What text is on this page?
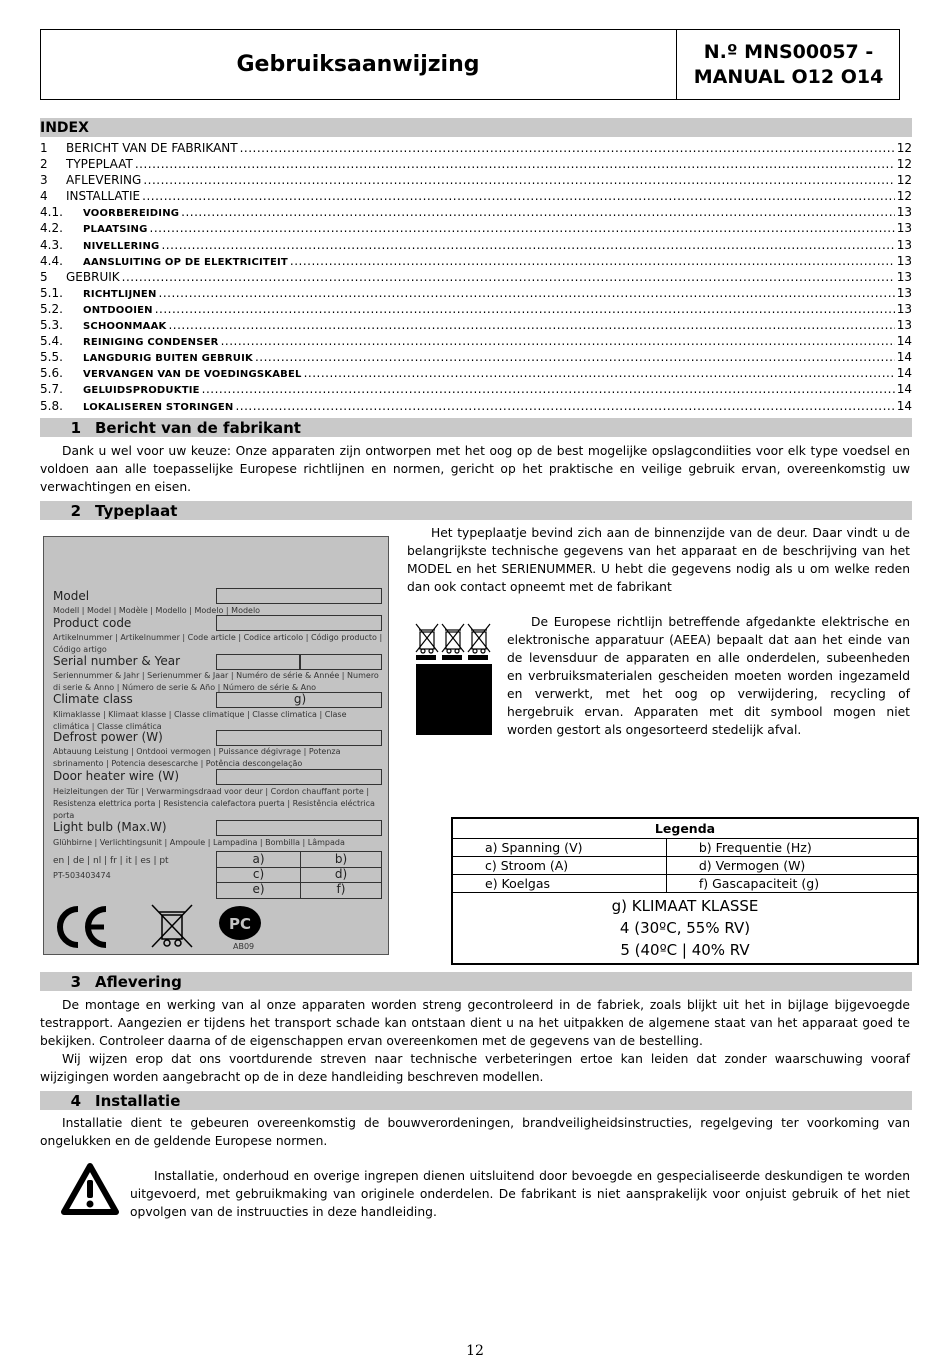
Gebruiksaanwijzing
N.º MNS00057 -
MANUAL O12 O14
INDEX
1	BERICHT VAN DE FABRIKANT .....	12
2	TYPEPLAAT .....	12
3	AFLEVERING .....	12
4	INSTALLATIE .....	12
4.1.	VOORBEREIDING .....	13
4.2.	PLAATSING .....	13
4.3.	NIVELLERING .....	13
4.4.	AANSLUITING OP DE ELEKTRICITEIT .....	13
5	GEBRUIK .....	13
5.1.	RICHTLIJNEN .....	13
5.2.	ONTDOOIEN .....	13
5.3.	SCHOONMAAK .....	13
5.4.	REINIGING CONDENSER .....	14
5.5.	LANGDURIG BUITEN GEBRUIK .....	14
5.6.	VERVANGEN VAN DE VOEDINGSKABEL .....	14
5.7.	GELUIDSPRODUKTIE .....	14
5.8.	LOKALISEREN STORINGEN .....	14
1 Bericht van de fabrikant
Dank u wel voor uw keuze: Onze apparaten zijn ontworpen met het oog op de best mogelijke opslagcondiities voor elk type voedsel en voldoen aan alle toepasselijke Europese richtlijnen en normen, gericht op het praktische en veilige gebruik ervan, overeenkomstig uw verwachtingen en eisen.
2 Typeplaat
Het typeplaatje bevind zich aan de binnenzijde van de deur. Daar vindt u de belangrijkste technische gegevens van het apparaat en de beschrijving van het MODEL en het SERIENUMMER. U hebt die gegevens nodig als u om welke reden dan ook contact opneemt met de fabrikant
De Europese richtlijn betreffende afgedankte elektrische en elektronische apparatuur (AEEA) bepaalt dat aan het einde van de levensduur de apparaten en alle onderdelen, subeenheden en verbruiksmaterialen gescheiden moeten worden ingezameld en verwerkt, met het oog op verwijdering, recycling of hergebruik ervan. Apparaten met dit symbool mogen niet worden gestort als ongesorteerd stedelijk afval.
Model
Modell | Model | Modèle | Modello | Modelo | Modelo
Product code
Artikelnummer | Artikelnummer | Code article | Codice articolo | Código producto | Código artigo
Serial number & Year
Seriennummer & Jahr | Serienummer & Jaar | Numéro de série & Année | Numero di serie & Anno | Número de serie & Año | Número de série & Ano
Climate class	g)
Klimaklasse | Klimaat klasse | Classe climatique | Classe climatica | Clase climática | Classe climática
Defrost power (W)
Abtauung Leistung | Ontdooi vermogen | Puissance dégivrage | Potenza sbrinamento | Potencia desescarche | Potência descongelação
Door heater wire (W)
Heizleitungen der Tür | Verwarmingsdraad voor deur | Cordon chauffant porte | Resistenza elettrica porta | Resistencia calefactora puerta | Resistência eléctrica porta
Light bulb (Max.W)
Glühbirne | Verlichtingsunit | Ampoule | Lampadina | Bombilla | Lâmpada
en | de | nl | fr | it | es | pt
PT-503403474
a)	b)
c)	d)
e)	f)
PC
AB09
Legenda	
a) Spanning (V)	b) Frequentie (Hz)
c) Stroom (A)	d) Vermogen (W)
e) Koelgas	f) Gascapaciteit (g)

g) KLIMAAT KLASSE
4 (30ºC, 55% RV)
5 (40ºC | 40% RV	
3 Aflevering
De montage en werking van al onze apparaten worden streng gecontroleerd in de fabriek, zoals blijkt uit het in bijlage bijgevoegde testrapport. Aangezien er tijdens het transport schade kan ontstaan dient u na het uitpakken de algemene staat van het apparaat goed te bekijken. Controleer daarna of de eigenschappen ervan overeenkomen met de gegevens van de bestelling.
Wij wijzen erop dat ons voortdurende streven naar technische verbeteringen ertoe kan leiden dat zonder waarschuwing vooraf wijzigingen worden aangebracht op de in deze handleiding beschreven modellen.
4 Installatie
Installatie dient te gebeuren overeenkomstig de bouwverordeningen, brandveiligheidsinstructies, regelgeving ter voorkoming van ongelukken en de geldende Europese normen.
Installatie, onderhoud en overige ingrepen dienen uitsluitend door bevoegde en gespecialiseerde deskundigen te worden uitgevoerd, met gebruikmaking van originele onderdelen. De fabrikant is niet aansprakelijk voor onjuist gebruik of het niet opvolgen van de instruucties in deze handleiding.
12
